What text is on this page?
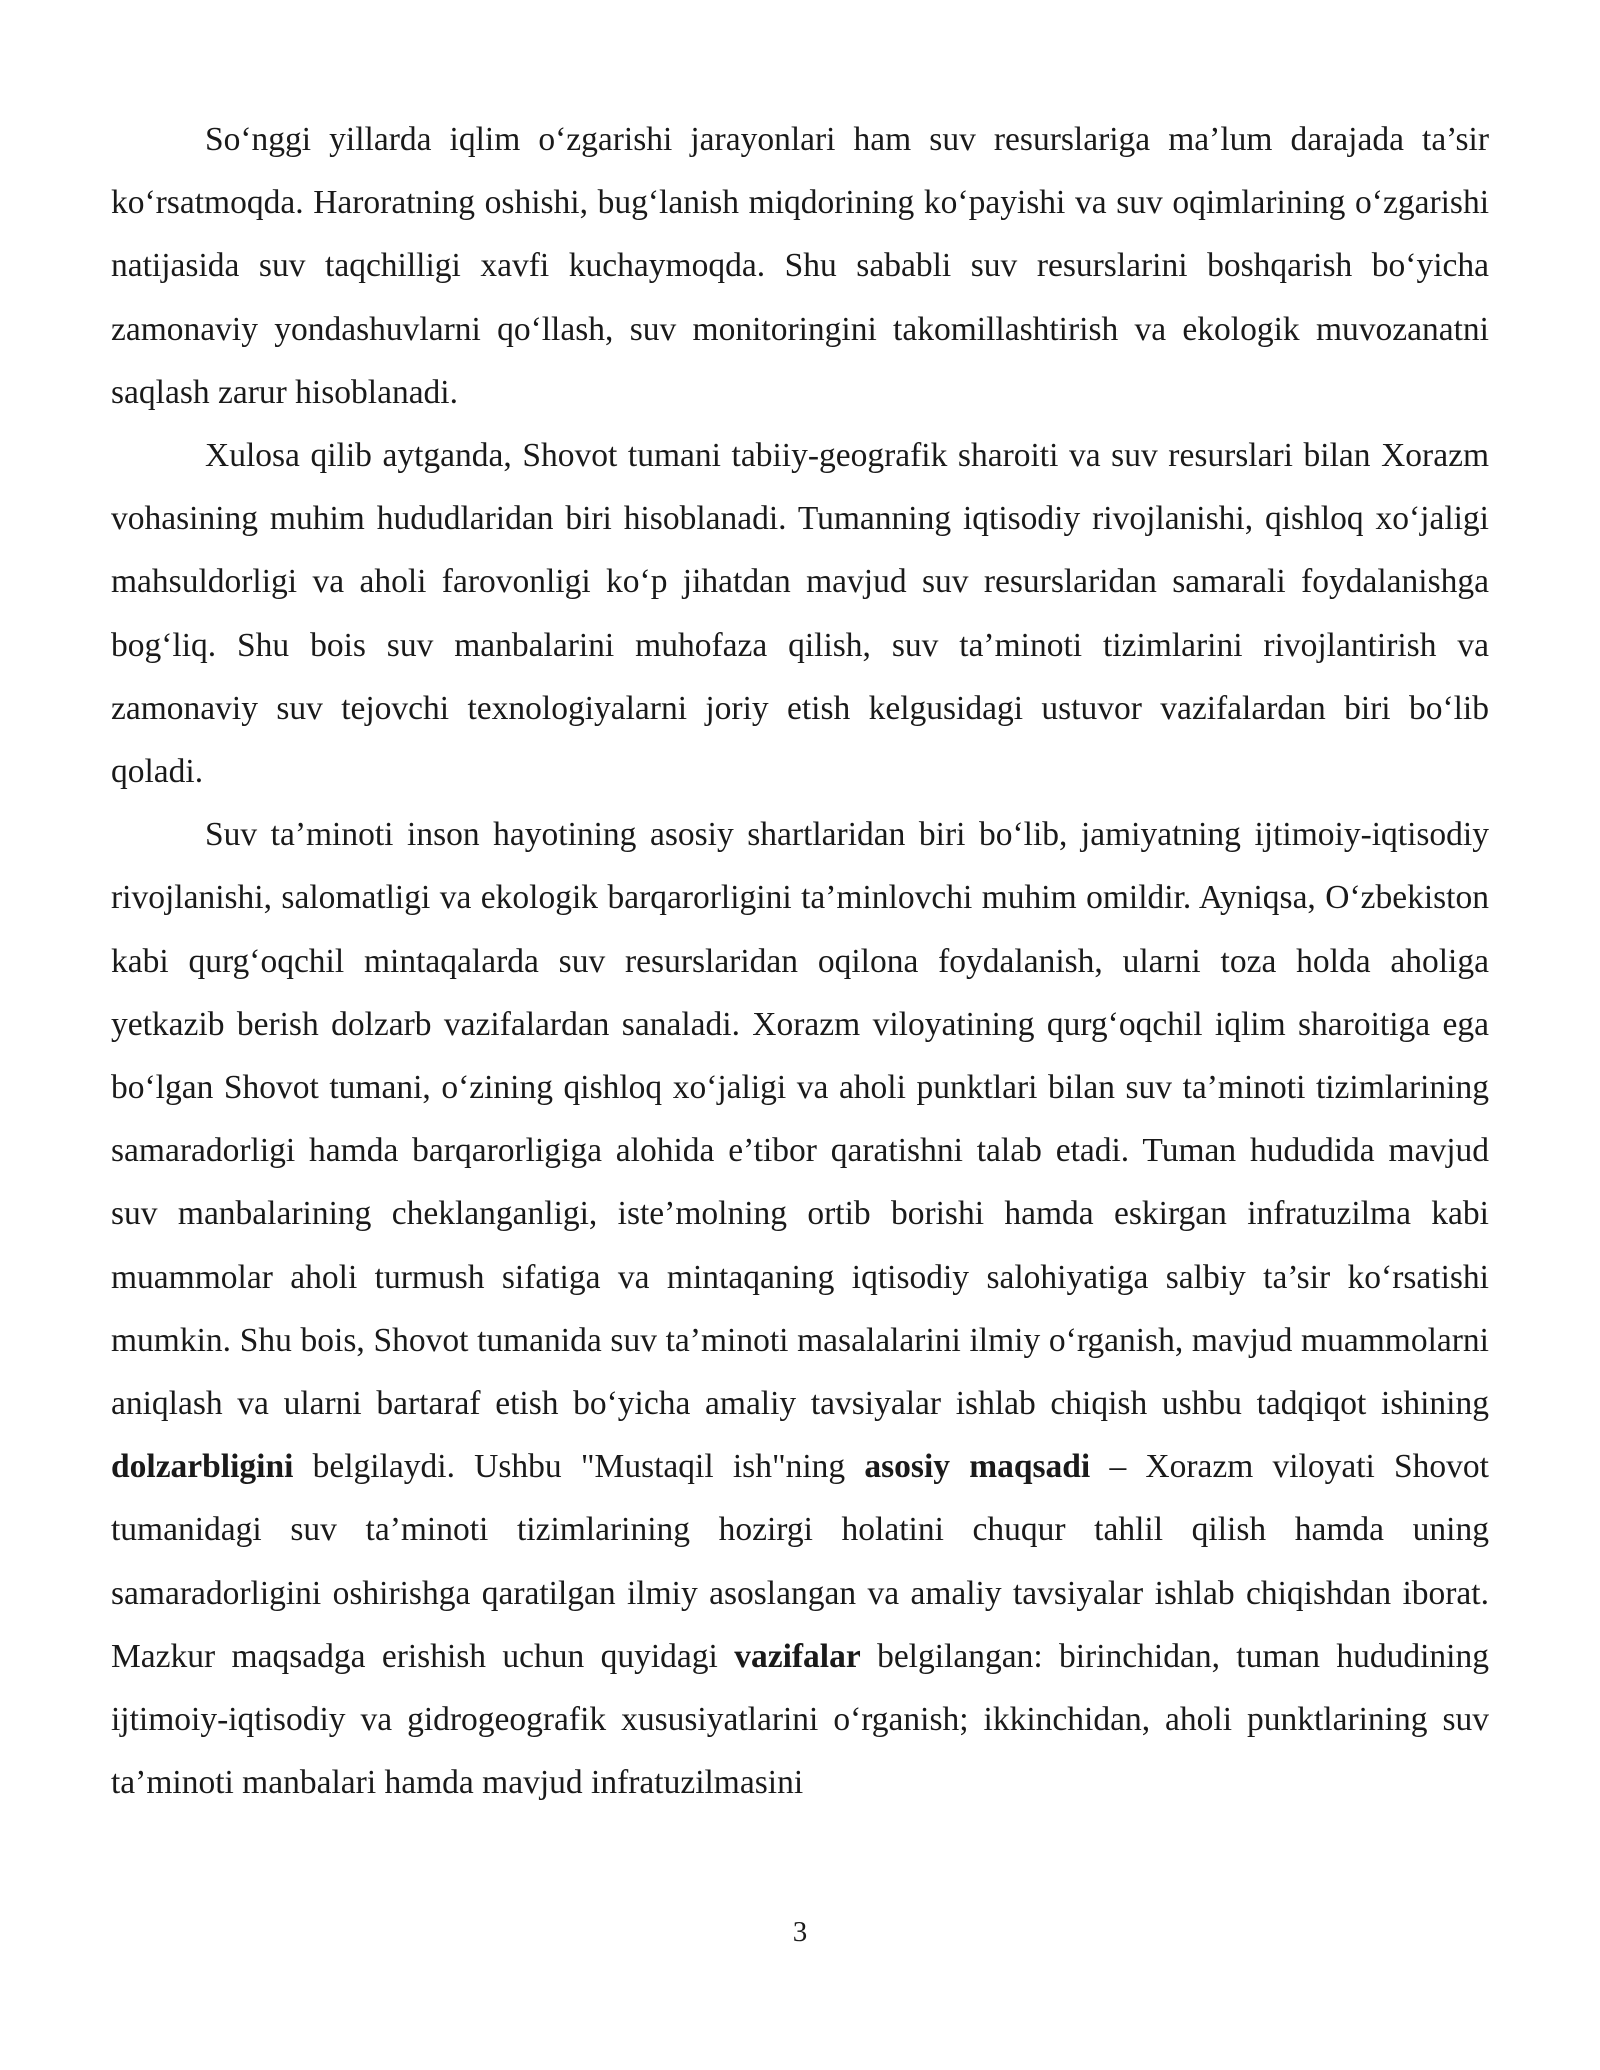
So‘nggi yillarda iqlim o‘zgarishi jarayonlari ham suv resurslariga ma’lum darajada ta’sir ko‘rsatmoqda. Haroratning oshishi, bug‘lanish miqdorining ko‘payishi va suv oqimlarining o‘zgarishi natijasida suv taqchilligi xavfi kuchaymoqda. Shu sababli suv resurslarini boshqarish bo‘yicha zamonaviy yondashuvlarni qo‘llash, suv monitoringini takomillashtirish va ekologik muvozanatni saqlash zarur hisoblanadi.

Xulosa qilib aytganda, Shovot tumani tabiiy-geografik sharoiti va suv resurslari bilan Xorazm vohasining muhim hududlaridan biri hisoblanadi. Tumanning iqtisodiy rivojlanishi, qishloq xo‘jaligi mahsuldorligi va aholi farovonligi ko‘p jihatdan mavjud suv resurslaridan samarali foydalanishga bog‘liq. Shu bois suv manbalarini muhofaza qilish, suv ta’minoti tizimlarini rivojlantirish va zamonaviy suv tejovchi texnologiyalarni joriy etish kelgusidagi ustuvor vazifalardan biri bo‘lib qoladi.

Suv ta’minoti inson hayotining asosiy shartlaridan biri bo‘lib, jamiyatning ijtimoiy-iqtisodiy rivojlanishi, salomatligi va ekologik barqarorligini ta’minlovchi muhim omildir. Ayniqsa, O‘zbekiston kabi qurg‘oqchil mintaqalarda suv resurslaridan oqilona foydalanish, ularni toza holda aholiga yetkazib berish dolzarb vazifalardan sanaladi. Xorazm viloyatining qurg‘oqchil iqlim sharoitiga ega bo‘lgan Shovot tumani, o‘zining qishloq xo‘jaligi va aholi punktlari bilan suv ta’minoti tizimlarining samaradorligi hamda barqarorligiga alohida e’tibor qaratishni talab etadi. Tuman hududida mavjud suv manbalarining cheklanganligi, iste’molning ortib borishi hamda eskirgan infratuzilma kabi muammolar aholi turmush sifatiga va mintaqaning iqtisodiy salohiyatiga salbiy ta’sir ko‘rsatishi mumkin. Shu bois, Shovot tumanida suv ta’minoti masalalarini ilmiy o‘rganish, mavjud muammolarni aniqlash va ularni bartaraf etish bo‘yicha amaliy tavsiyalar ishlab chiqish ushbu tadqiqot ishining dolzarbligini belgilaydi. Ushbu "Mustaqil ish"ning asosiy maqsadi – Xorazm viloyati Shovot tumanidagi suv ta’minoti tizimlarining hozirgi holatini chuqur tahlil qilish hamda uning samaradorligini oshirishga qaratilgan ilmiy asoslangan va amaliy tavsiyalar ishlab chiqishdan iborat. Mazkur maqsadga erishish uchun quyidagi vazifalar belgilangan: birinchidan, tuman hududining ijtimoiy-iqtisodiy va gidrogeografik xususiyatlarini o‘rganish; ikkinchidan, aholi punktlarining suv ta’minoti manbalari hamda mavjud infratuzilmasini

3
